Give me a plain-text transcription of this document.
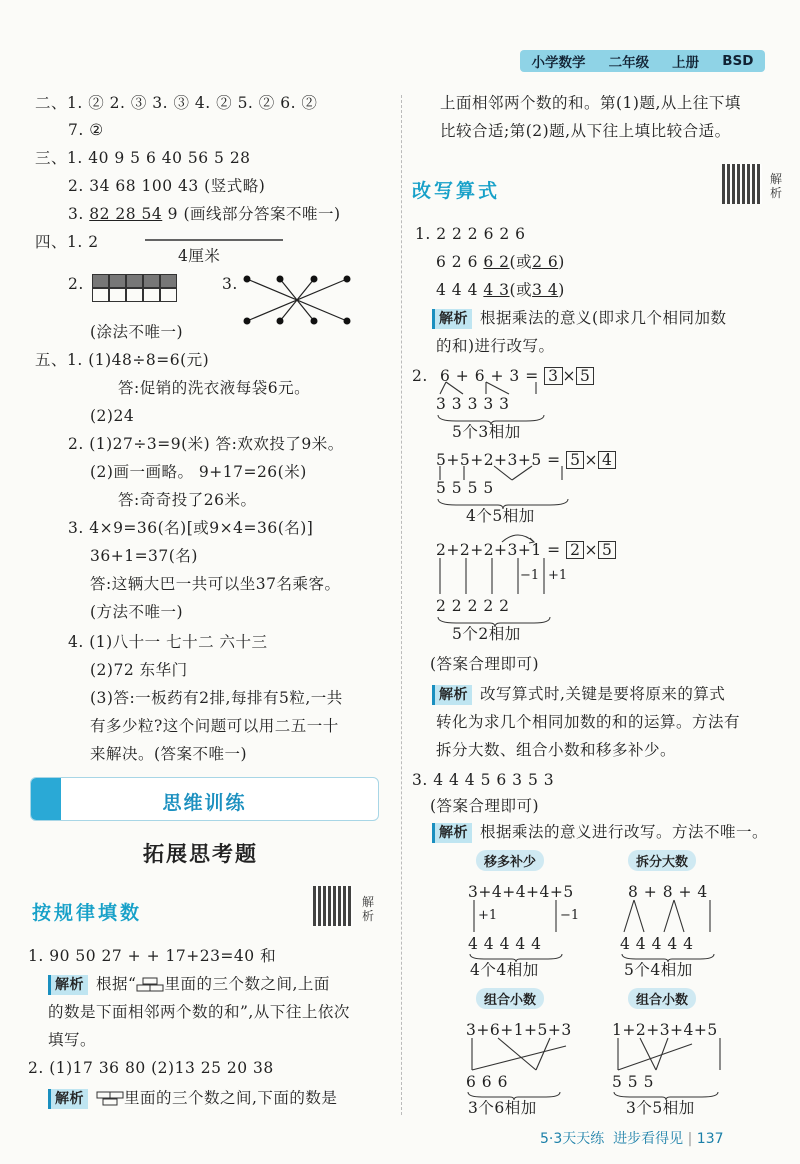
小学数学 二年级 上册 BSD
二、1. ② 2. ③ 3. ③ 4. ② 5. ② 6. ②
7. ②
三、1. 40 9 5 6 40 56 5 28
2. 34 68 100 43 (竖式略)
3. 82 28 54 9 (画线部分答案不唯一)
四、1. 2
4厘米
2.	3.
(涂法不唯一)
五、1. (1)48÷8=6(元)
答:促销的洗衣液每袋6元。
(2)24
2. (1)27÷3=9(米) 答:欢欢投了9米。
(2)画一画略。 9+17=26(米)
答:奇奇投了26米。
3. 4×9=36(名)[或9×4=36(名)]
36+1=37(名)
答:这辆大巴一共可以坐37名乘客。
(方法不唯一)
4. (1)八十一 七十二 六十三
(2)72 东华门
(3)答:一板药有2排,每排有5粒,一共
有多少粒?这个问题可以用二五一十
来解决。(答案不唯一)
思维训练
拓展思考题
按规律填数	解析
1. 90 50 27 + + 17+23=40 和
解析 根据“ 里面的三个数之间,上面
的数是下面相邻两个数的和”,从下往上依次
填写。
2. (1)17 36 80 (2)13 25 20 38
解析	里面的三个数之间,下面的数是
上面相邻两个数的和。第(1)题,从上往下填
比较合适;第(2)题,从下往上填比较合适。
改写算式
解析
1. 2 2 2 6 2 6
6 2 6 6 2(或2 6)
4 4 4 4 3(或3 4)
解析 根据乘法的意义(即求几个相同加数
的和)进行改写。
2. 6 + 6 + 3 = 3 × 5
3 3 3 3 3
5个3相加
5+5+2+3+5 = 5 × 4
5 5 5 5
4个5相加
2+2+2+3+1 = 2 × 5
−1 +1
2 2 2 2 2
5个2相加
(答案合理即可)
解析 改写算式时,关键是要将原来的算式
转化为求几个相同加数的和的运算。方法有
拆分大数、组合小数和移多补少。
3. 4 4 4 5 6 3 5 3
(答案合理即可)
解析 根据乘法的意义进行改写。方法不唯一。
移多补少
3+4+4+4+5
+1	−1
4 4 4 4 4
4个4相加
拆分大数
8 + 8 + 4
4 4 4 4 4
5个4相加
组合小数
3+6+1+5+3
6 6 6
3个6相加
组合小数
1+2+3+4+5
5 5 5
3个5相加
5·3天天练 进步看得见 | 137
